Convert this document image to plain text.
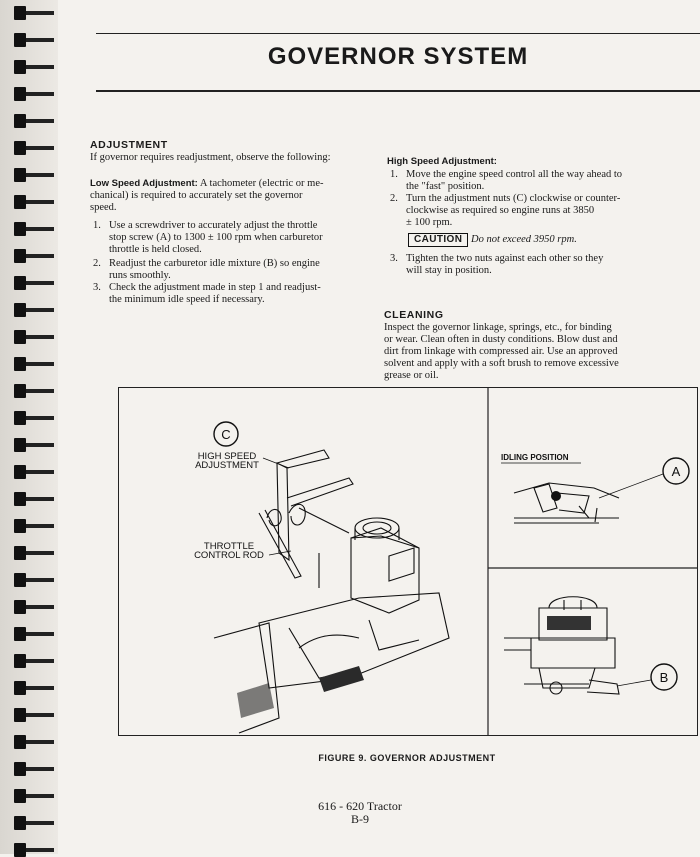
GOVERNOR SYSTEM
ADJUSTMENT
If governor requires readjustment, observe the following:
Low Speed Adjustment: A tachometer (electric or me-
chanical) is required to accurately set the governor
speed.
1. Use a screwdriver to accurately adjust the throttle
stop screw (A) to 1300 ± 100 rpm when carburetor
throttle is held closed.
2. Readjust the carburetor idle mixture (B) so engine
runs smoothly.
3. Check the adjustment made in step 1 and readjust-
the minimum idle speed if necessary.
High Speed Adjustment:
1. Move the engine speed control all the way ahead to
the "fast" position.
2. Turn the adjustment nuts (C) clockwise or counter-
clockwise as required so engine runs at 3850
± 100 rpm.
CAUTION Do not exceed 3950 rpm.
3. Tighten the two nuts against each other so they
will stay in position.
CLEANING
Inspect the governor linkage, springs, etc., for binding
or wear. Clean often in dusty conditions. Blow dust and
dirt from linkage with compressed air. Use an approved
solvent and apply with a soft brush to remove excessive
grease or oil.
C
HIGH SPEED
ADJUSTMENT
THROTTLE
CONTROL ROD
IDLING POSITION
A
B
FIGURE 9. GOVERNOR ADJUSTMENT
616 - 620 Tractor
B-9
